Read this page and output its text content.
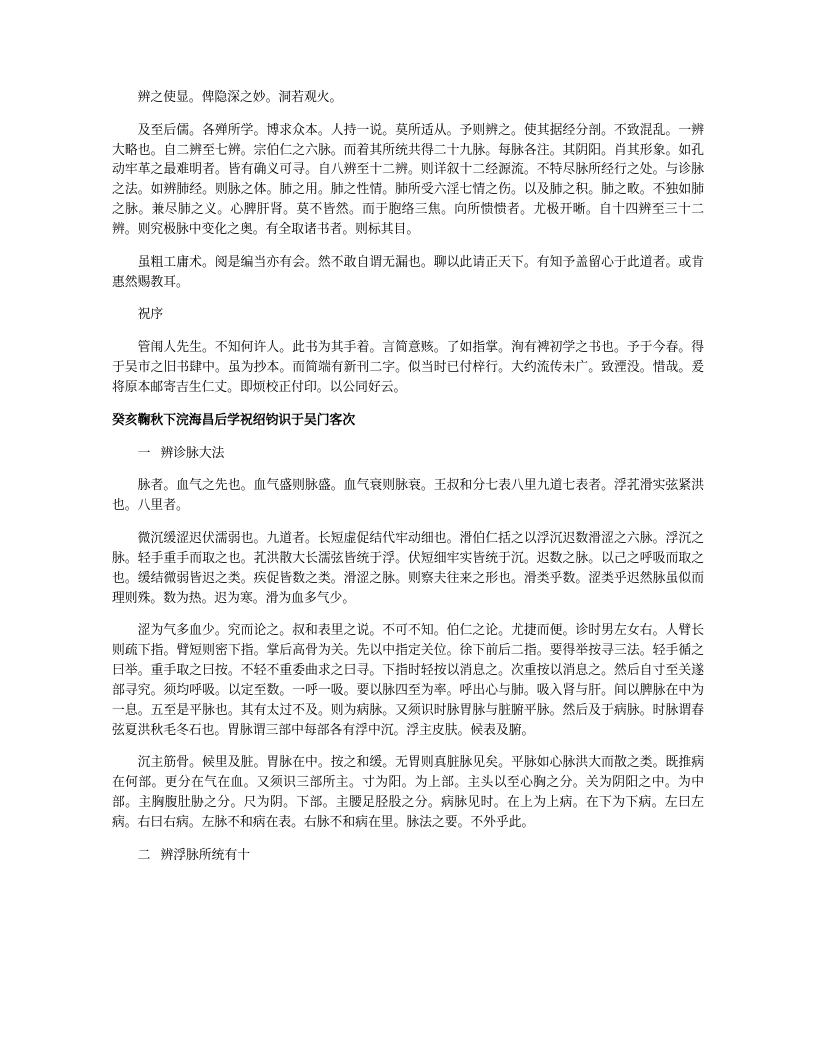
辨之使显。俾隐深之妙。洞若观火。

及至后儒。各殚所学。博求众本。人持一说。莫所适从。予则辨之。使其据经分剖。不致混乱。一辨大略也。自二辨至七辨。宗伯仁之六脉。而着其所统共得二十九脉。每脉各注。其阴阳。肖其形象。如孔动牢革之最难明者。皆有确义可寻。自八辨至十二辨。则详叙十二经源流。不特尽脉所经行之处。与诊脉之法。如辨肺经。则脉之体。肺之用。肺之性情。肺所受六淫七情之伤。以及肺之积。肺之畋。不独如肺之脉。兼尽肺之义。心脾肝肾。莫不皆然。而于胞络三焦。向所愦愦者。尤极开晰。自十四辨至三十二辨。则究极脉中变化之奥。有全取诸书者。则标其目。

虽粗工庸术。阅是编当亦有会。然不敢自谓无漏也。聊以此请正天下。有知予盖留心于此道者。或肯惠然赐教耳。

祝序

管闱人先生。不知何许人。此书为其手着。言简意赅。了如指掌。洵有裨初学之书也。予于今春。得于吴市之旧书肆中。虽为抄本。而简端有新刊二字。似当时已付梓行。大约流传未广。致湮没。惜哉。爰将原本邮寄吉生仁丈。即烦校正付印。以公同好云。

癸亥鞠秋下浣海昌后学祝绍钧识于吴门客次

一 辨诊脉大法

脉者。血气之先也。血气盛则脉盛。血气衰则脉衰。王叔和分七表八里九道七表者。浮芤滑实弦紧洪也。八里者。

微沉缓涩迟伏濡弱也。九道者。长短虚促结代牢动细也。滑伯仁括之以浮沉迟数滑涩之六脉。浮沉之脉。轻手重手而取之也。芤洪散大长濡弦皆统于浮。伏短细牢实皆统于沉。迟数之脉。以己之呼吸而取之也。缓结微弱皆迟之类。疾促皆数之类。滑涩之脉。则察夫往来之形也。滑类乎数。涩类乎迟然脉虽似而理则殊。数为热。迟为寒。滑为血多气少。

涩为气多血少。究而论之。叔和表里之说。不可不知。伯仁之论。尤捷而便。诊时男左女右。人臂长则疏下指。臂短则密下指。掌后高骨为关。先以中指定关位。徐下前后二指。要得举按寻三法。轻手循之曰举。重手取之曰按。不轻不重委曲求之曰寻。下指时轻按以消息之。次重按以消息之。然后自寸至关遂部寻究。须均呼吸。以定至数。一呼一吸。要以脉四至为率。呼出心与肺。吸入肾与肝。间以脾脉在中为一息。五至是平脉也。其有太过不及。则为病脉。又须识时脉胃脉与脏腑平脉。然后及于病脉。时脉谓春弦夏洪秋毛冬石也。胃脉谓三部中每部各有浮中沉。浮主皮肤。候表及腑。

沉主筋骨。候里及脏。胃脉在中。按之和缓。无胃则真脏脉见矣。平脉如心脉洪大而散之类。既推病在何部。更分在气在血。又须识三部所主。寸为阳。为上部。主头以至心胸之分。关为阴阳之中。为中部。主胸腹肚胁之分。尺为阴。下部。主腰足胫股之分。病脉见时。在上为上病。在下为下病。左曰左病。右曰右病。左脉不和病在表。右脉不和病在里。脉法之要。不外乎此。

二 辨浮脉所统有十
